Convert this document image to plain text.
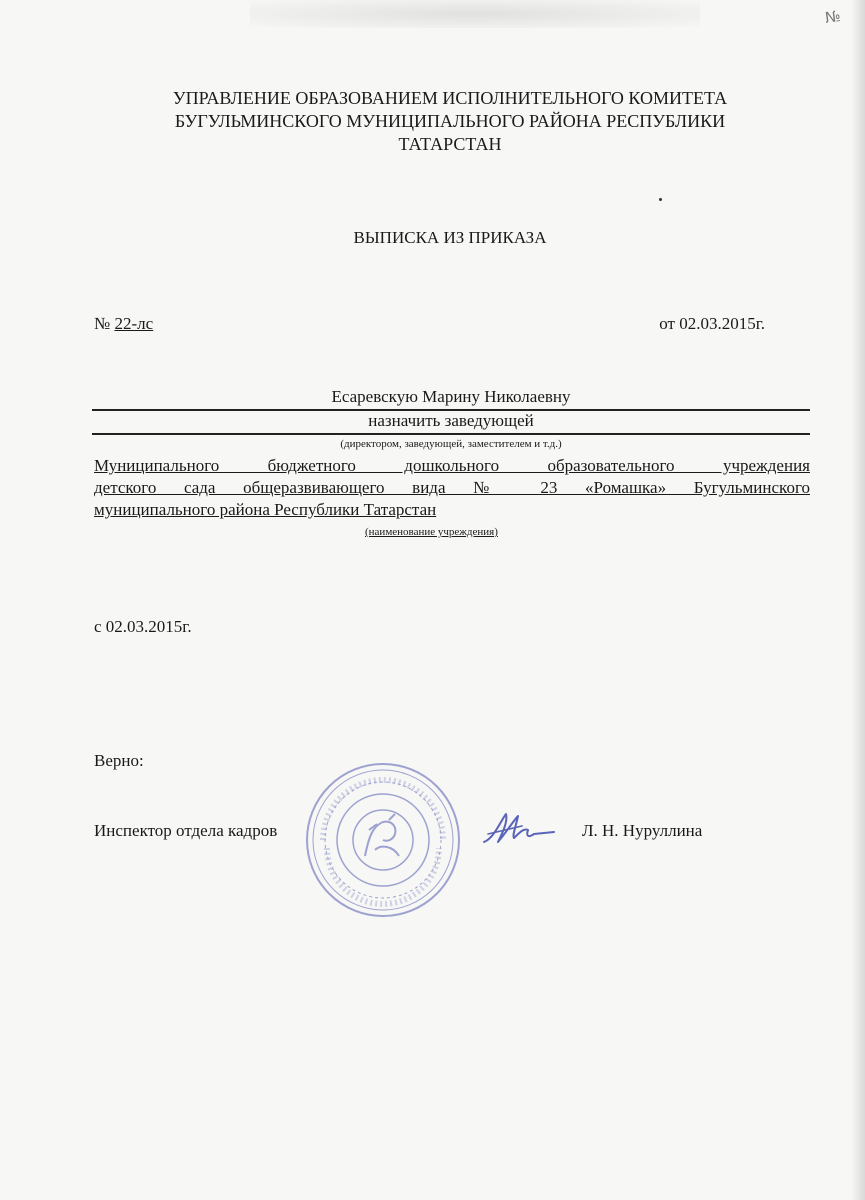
№
УПРАВЛЕНИЕ ОБРАЗОВАНИЕМ ИСПОЛНИТЕЛЬНОГО КОМИТЕТА
БУГУЛЬМИНСКОГО МУНИЦИПАЛЬНОГО РАЙОНА РЕСПУБЛИКИ
ТАТАРСТАН
ВЫПИСКА ИЗ ПРИКАЗА
№ 22-лс	от 02.03.2015г.
Есаревскую Марину Николаевну
назначить заведующей
(директором, заведующей, заместителем и т.д.)
Муниципального бюджетного дошкольного образовательного учреждения
детского сада общеразвивающего вида № 23 «Ромашка» Бугульминского
муниципального района Республики Татарстан
(наименование учреждения)
с 02.03.2015г.
Верно:
Инспектор отдела кадров	Л. Н. Нуруллина
